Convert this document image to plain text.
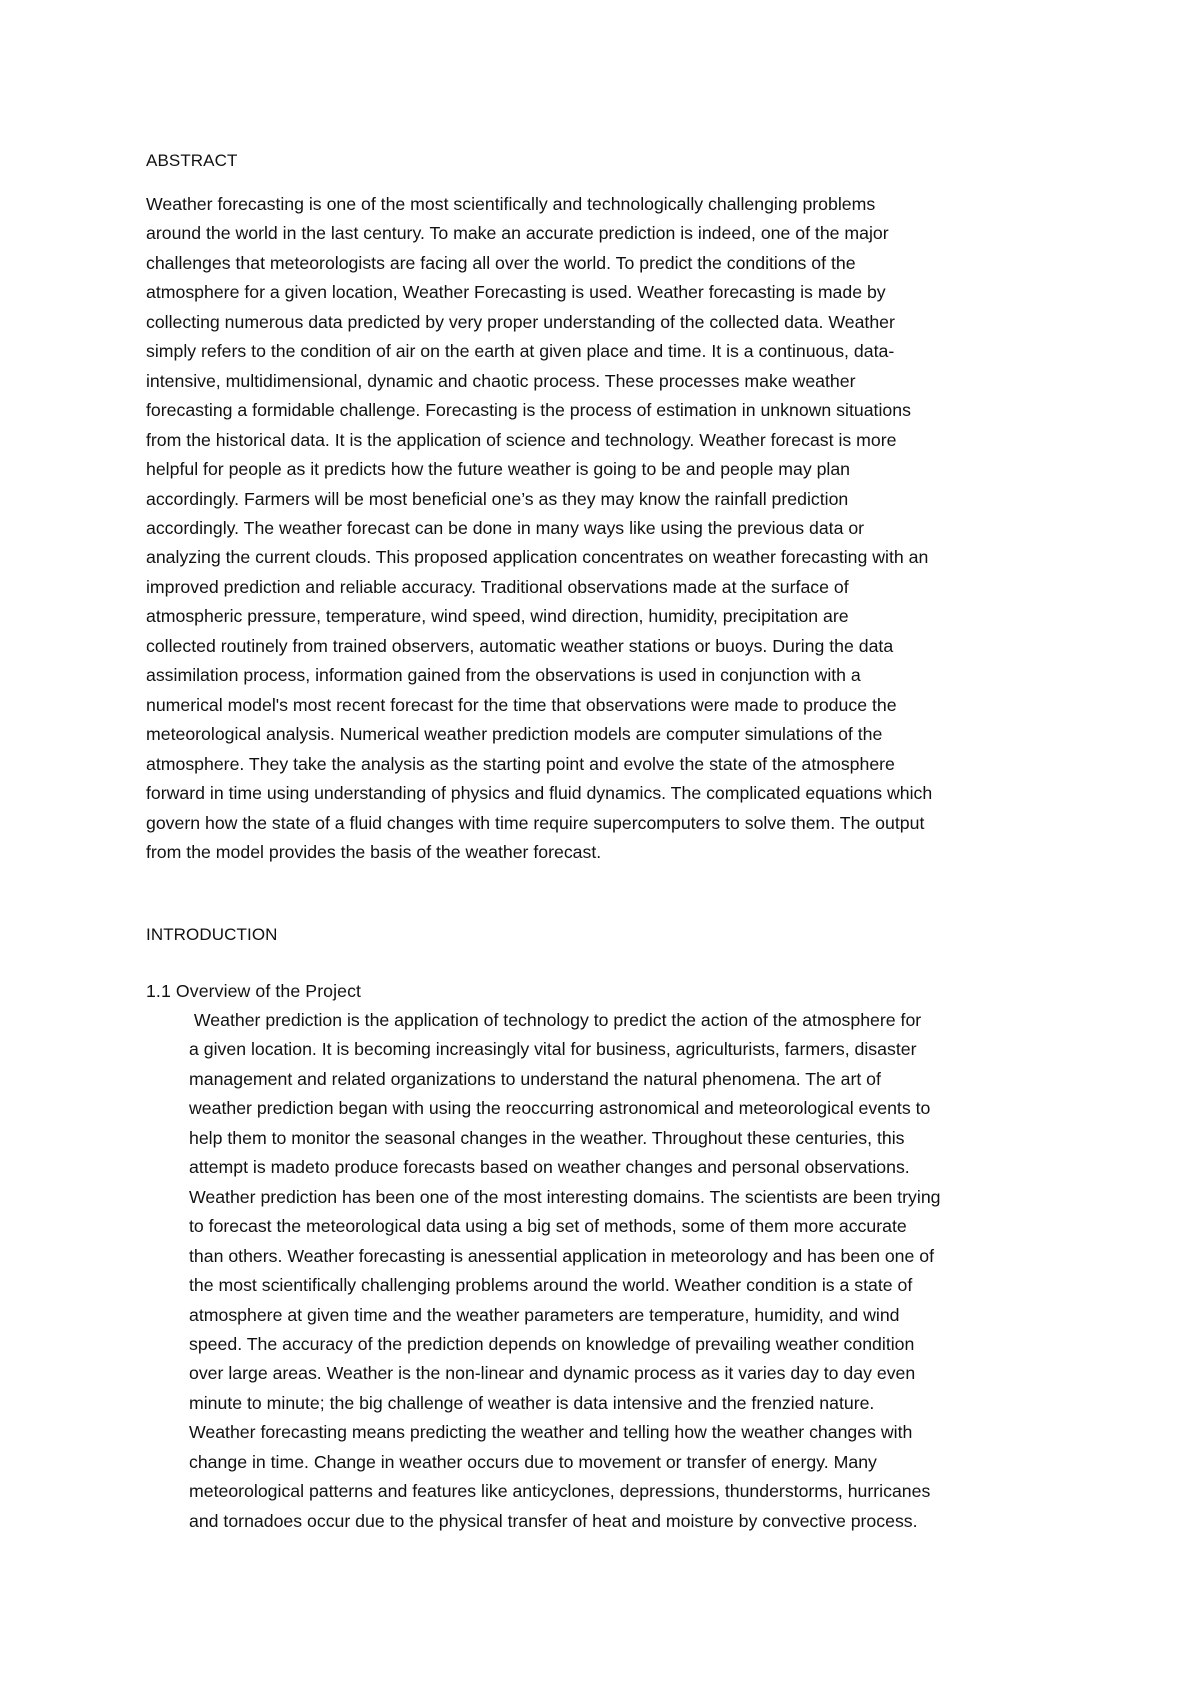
ABSTRACT
Weather forecasting is one of the most scientifically and technologically challenging problems
around the world in the last century. To make an accurate prediction is indeed, one of the major
challenges that meteorologists are facing all over the world. To predict the conditions of the
atmosphere for a given location, Weather Forecasting is used. Weather forecasting is made by
collecting numerous data predicted by very proper understanding of the collected data. Weather
simply refers to the condition of air on the earth at given place and time. It is a continuous, data-
intensive, multidimensional, dynamic and chaotic process. These processes make weather
forecasting a formidable challenge. Forecasting is the process of estimation in unknown situations
from the historical data. It is the application of science and technology. Weather forecast is more
helpful for people as it predicts how the future weather is going to be and people may plan
accordingly. Farmers will be most beneficial one’s as they may know the rainfall prediction
accordingly. The weather forecast can be done in many ways like using the previous data or
analyzing the current clouds. This proposed application concentrates on weather forecasting with an
improved prediction and reliable accuracy. Traditional observations made at the surface of
atmospheric pressure, temperature, wind speed, wind direction, humidity, precipitation are
collected routinely from trained observers, automatic weather stations or buoys. During the data
assimilation process, information gained from the observations is used in conjunction with a
numerical model's most recent forecast for the time that observations were made to produce the
meteorological analysis. Numerical weather prediction models are computer simulations of the
atmosphere. They take the analysis as the starting point and evolve the state of the atmosphere
forward in time using understanding of physics and fluid dynamics. The complicated equations which
govern how the state of a fluid changes with time require supercomputers to solve them. The output
from the model provides the basis of the weather forecast.
INTRODUCTION
1.1 Overview of the Project
Weather prediction is the application of technology to predict the action of the atmosphere for
a given location. It is becoming increasingly vital for business, agriculturists, farmers, disaster
management and related organizations to understand the natural phenomena. The art of
weather prediction began with using the reoccurring astronomical and meteorological events to
help them to monitor the seasonal changes in the weather. Throughout these centuries, this
attempt is madeto produce forecasts based on weather changes and personal observations.
Weather prediction has been one of the most interesting domains. The scientists are been trying
to forecast the meteorological data using a big set of methods, some of them more accurate
than others. Weather forecasting is anessential application in meteorology and has been one of
the most scientifically challenging problems around the world. Weather condition is a state of
atmosphere at given time and the weather parameters are temperature, humidity, and wind
speed. The accuracy of the prediction depends on knowledge of prevailing weather condition
over large areas. Weather is the non-linear and dynamic process as it varies day to day even
minute to minute; the big challenge of weather is data intensive and the frenzied nature.
Weather forecasting means predicting the weather and telling how the weather changes with
change in time. Change in weather occurs due to movement or transfer of energy. Many
meteorological patterns and features like anticyclones, depressions, thunderstorms, hurricanes
and tornadoes occur due to the physical transfer of heat and moisture by convective process.
